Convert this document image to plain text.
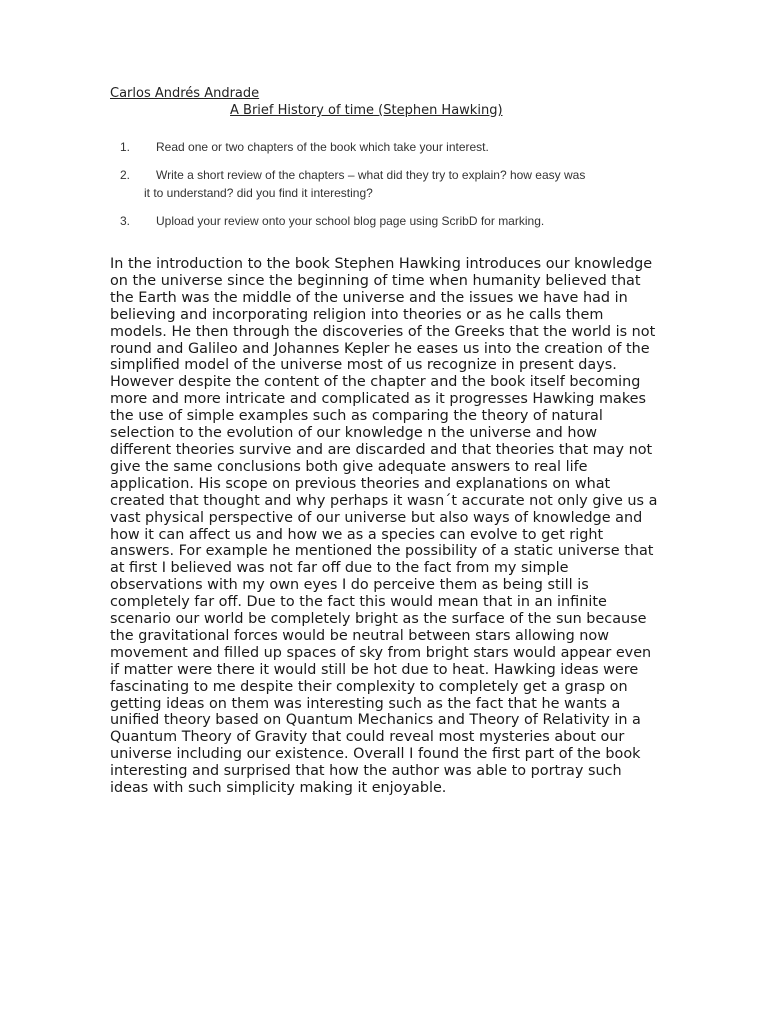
Carlos Andrés Andrade
A Brief History of time (Stephen Hawking)
1. Read one or two chapters of the book which take your interest.
2. Write a short review of the chapters – what did they try to explain? how easy was
it to understand? did you find it interesting?
3. Upload your review onto your school blog page using ScribD for marking.

In the introduction to the book Stephen Hawking introduces our knowledge on the universe since the beginning of time when humanity believed that the Earth was the middle of the universe and the issues we have had in believing and incorporating religion into theories or as he calls them models. He then through the discoveries of the Greeks that the world is not round and Galileo and Johannes Kepler he eases us into the creation of the simplified model of the universe most of us recognize in present days. However despite the content of the chapter and the book itself becoming more and more intricate and complicated as it progresses Hawking makes the use of simple examples such as comparing the theory of natural selection to the evolution of our knowledge n the universe and how different theories survive and are discarded and that theories that may not give the same conclusions both give adequate answers to real life application. His scope on previous theories and explanations on what created that thought and why perhaps it wasn´t accurate not only give us a vast physical perspective of our universe but also ways of knowledge and how it can affect us and how we as a species can evolve to get right answers. For example he mentioned the possibility of a static universe that at first I believed was not far off due to the fact from my simple observations with my own eyes I do perceive them as being still is completely far off. Due to the fact this would mean that in an infinite scenario our world be completely bright as the surface of the sun because the gravitational forces would be neutral between stars allowing now movement and filled up spaces of sky from bright stars would appear even if matter were there it would still be hot due to heat. Hawking ideas were fascinating to me despite their complexity to completely get a grasp on getting ideas on them was interesting such as the fact that he wants a unified theory based on Quantum Mechanics and Theory of Relativity in a Quantum Theory of Gravity that could reveal most mysteries about our universe including our existence. Overall I found the first part of the book interesting and surprised that how the author was able to portray such ideas with such simplicity making it enjoyable.
